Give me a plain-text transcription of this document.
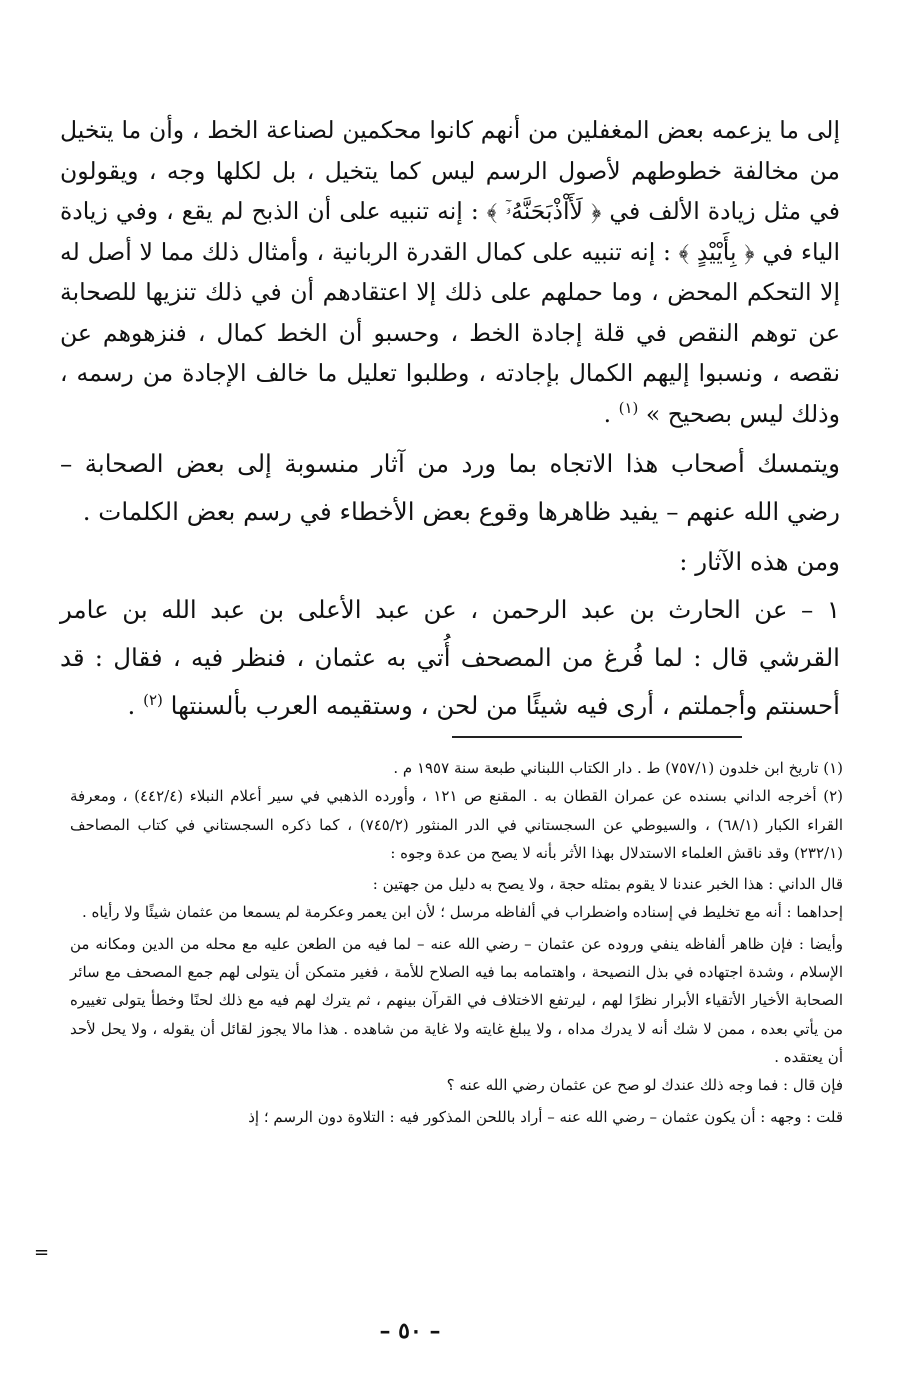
إلى ما يزعمه بعض المغفلين من أنهم كانوا محكمين لصناعة الخط ، وأن ما يتخيل من مخالفة خطوطهم لأصول الرسم ليس كما يتخيل ، بل لكلها وجه ، ويقولون في مثل زيادة الألف في ﴿ لَأَاْذْبَحَنَّهُۥٓ ﴾ : إنه تنبيه على أن الذبح لم يقع ، وفي زيادة الياء في ﴿ بِأَيْيْدٍ ﴾ : إنه تنبيه على كمال القدرة الربانية ، وأمثال ذلك مما لا أصل له إلا التحكم المحض ، وما حملهم على ذلك إلا اعتقادهم أن في ذلك تنزيها للصحابة عن توهم النقص في قلة إجادة الخط ، وحسبو أن الخط كمال ، فنزهوهم عن نقصه ، ونسبوا إليهم الكمال بإجادته ، وطلبوا تعليل ما خالف الإجادة من رسمه ، وذلك ليس بصحيح » $^{(١)}$ .

ويتمسك أصحاب هذا الاتجاه بما ورد من آثار منسوبة إلى بعض الصحابة – رضي الله عنهم – يفيد ظاهرها وقوع بعض الأخطاء في رسم بعض الكلمات .

ومن هذه الآثار :

١ – عن الحارث بن عبد الرحمن ، عن عبد الأعلى بن عبد الله بن عامر القرشي قال : لما فُرغ من المصحف أُتي به عثمان ، فنظر فيه ، فقال : قد أحسنتم وأجملتم ، أرى فيه شيئًا من لحن ، وستقيمه العرب بألسنتها $^{(٢)}$ .

(١) تاريخ ابن خلدون (٧٥٧/١) ط . دار الكتاب اللبناني طبعة سنة ١٩٥٧ م .

(٢) أخرجه الداني بسنده عن عمران القطان به . المقنع ص ١٢١ ، وأورده الذهبي في سير أعلام النبلاء (٤٤٢/٤) ، ومعرفة القراء الكبار (٦٨/١) ، والسيوطي عن السجستاني في الدر المنثور (٧٤٥/٢) ، كما ذكره السجستاني في كتاب المصاحف (٢٣٢/١) وقد ناقش العلماء الاستدلال بهذا الأثر بأنه لا يصح من عدة وجوه :

قال الداني : هذا الخبر عندنا لا يقوم بمثله حجة ، ولا يصح به دليل من جهتين :

إحداهما : أنه مع تخليط في إسناده واضطراب في ألفاظه مرسل ؛ لأن ابن يعمر وعكرمة لم يسمعا من عثمان شيئًا ولا رأياه .

وأيضا : فإن ظاهر ألفاظه ينفي وروده عن عثمان – رضي الله عنه – لما فيه من الطعن عليه مع محله من الدين ومكانه من الإسلام ، وشدة اجتهاده في بذل النصيحة ، واهتمامه بما فيه الصلاح للأمة ، فغير متمكن أن يتولى لهم جمع المصحف مع سائر الصحابة الأخيار الأتقياء الأبرار نظرًا لهم ، ليرتفع الاختلاف في القرآن بينهم ، ثم يترك لهم فيه مع ذلك لحنًا وخطأ يتولى تغييره من يأتي بعده ، ممن لا شك أنه لا يدرك مداه ، ولا يبلغ غايته ولا غاية من شاهده . هذا مالا يجوز لقائل أن يقوله ، ولا يحل لأحد أن يعتقده .

فإن قال : فما وجه ذلك عندك لو صح عن عثمان رضي الله عنه ؟

قلت : وجهه : أن يكون عثمان – رضي الله عنه – أراد باللحن المذكور فيه : التلاوة دون الرسم ؛ إذ

=
– ٥٠ –
